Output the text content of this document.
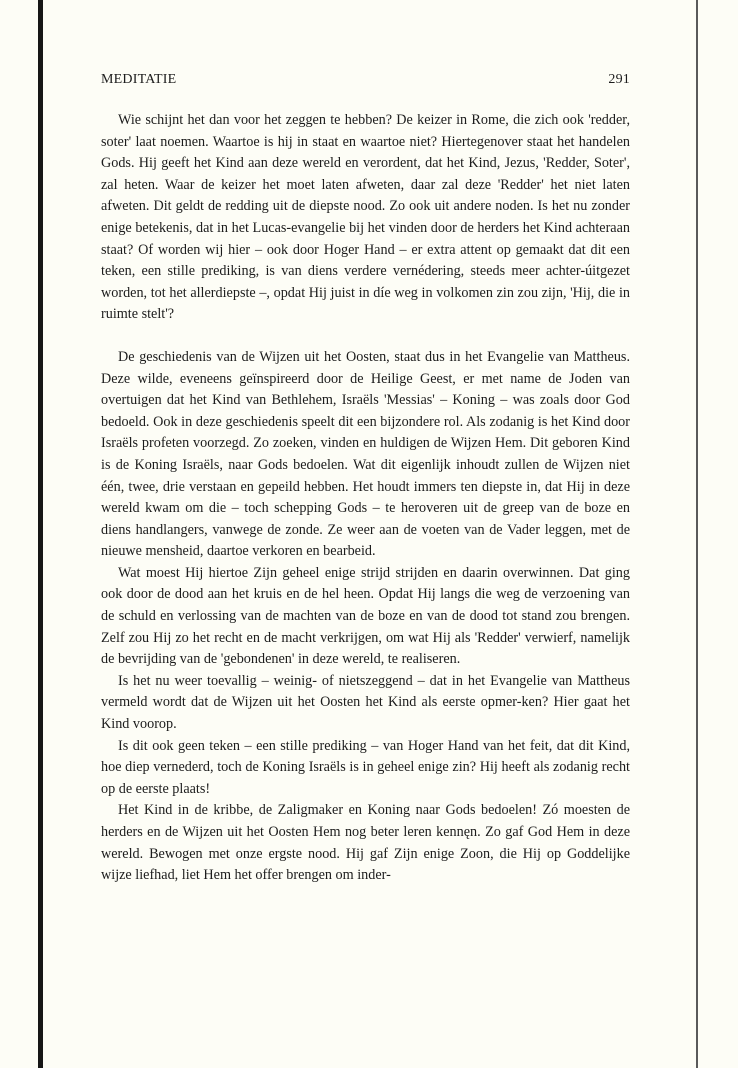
MEDITATIE	291

Wie schijnt het dan voor het zeggen te hebben? De keizer in Rome, die zich ook 'redder, soter' laat noemen. Waartoe is hij in staat en waartoe niet? Hiertegenover staat het handelen Gods. Hij geeft het Kind aan deze wereld en verordent, dat het Kind, Jezus, 'Redder, Soter', zal heten. Waar de keizer het moet laten afweten, daar zal deze 'Redder' het niet laten afweten. Dit geldt de redding uit de diepste nood. Zo ook uit andere noden. Is het nu zonder enige betekenis, dat in het Lucas-evangelie bij het vinden door de herders het Kind achteraan staat? Of worden wij hier – ook door Hoger Hand – er extra attent op gemaakt dat dit een teken, een stille prediking, is van diens verdere vernédering, steeds meer achter-úitgezet worden, tot het allerdiepste –, opdat Hij juist in díe weg in volkomen zin zou zijn, 'Hij, die in ruimte stelt'?

De geschiedenis van de Wijzen uit het Oosten, staat dus in het Evangelie van Mattheus. Deze wilde, eveneens geïnspireerd door de Heilige Geest, er met name de Joden van overtuigen dat het Kind van Bethlehem, Israëls 'Messias' – Koning – was zoals door God bedoeld. Ook in deze geschiedenis speelt dit een bijzondere rol. Als zodanig is het Kind door Israëls profeten voorzegd. Zo zoeken, vinden en huldigen de Wijzen Hem. Dit geboren Kind is de Koning Israëls, naar Gods bedoelen. Wat dit eigenlijk inhoudt zullen de Wijzen niet één, twee, drie verstaan en gepeild hebben. Het houdt immers ten diepste in, dat Hij in deze wereld kwam om die – toch schepping Gods – te heroveren uit de greep van de boze en diens handlangers, vanwege de zonde. Ze weer aan de voeten van de Vader leggen, met de nieuwe mensheid, daartoe verkoren en bearbeid.

Wat moest Hij hiertoe Zijn geheel enige strijd strijden en daarin overwinnen. Dat ging ook door de dood aan het kruis en de hel heen. Opdat Hij langs die weg de verzoening van de schuld en verlossing van de machten van de boze en van de dood tot stand zou brengen. Zelf zou Hij zo het recht en de macht verkrijgen, om wat Hij als 'Redder' verwierf, namelijk de bevrijding van de 'gebondenen' in deze wereld, te realiseren.

Is het nu weer toevallig – weinig- of nietszeggend – dat in het Evangelie van Mattheus vermeld wordt dat de Wijzen uit het Oosten het Kind als eerste opmer-ken? Hier gaat het Kind voorop.

Is dit ook geen teken – een stille prediking – van Hoger Hand van het feit, dat dit Kind, hoe diep vernederd, toch de Koning Israëls is in geheel enige zin? Hij heeft als zodanig recht op de eerste plaats!

Het Kind in de kribbe, de Zaligmaker en Koning naar Gods bedoelen! Zó moesten de herders en de Wijzen uit het Oosten Hem nog beter leren kennęn. Zo gaf God Hem in deze wereld. Bewogen met onze ergste nood. Hij gaf Zijn enige Zoon, die Hij op Goddelijke wijze liefhad, liet Hem het offer brengen om inder-
